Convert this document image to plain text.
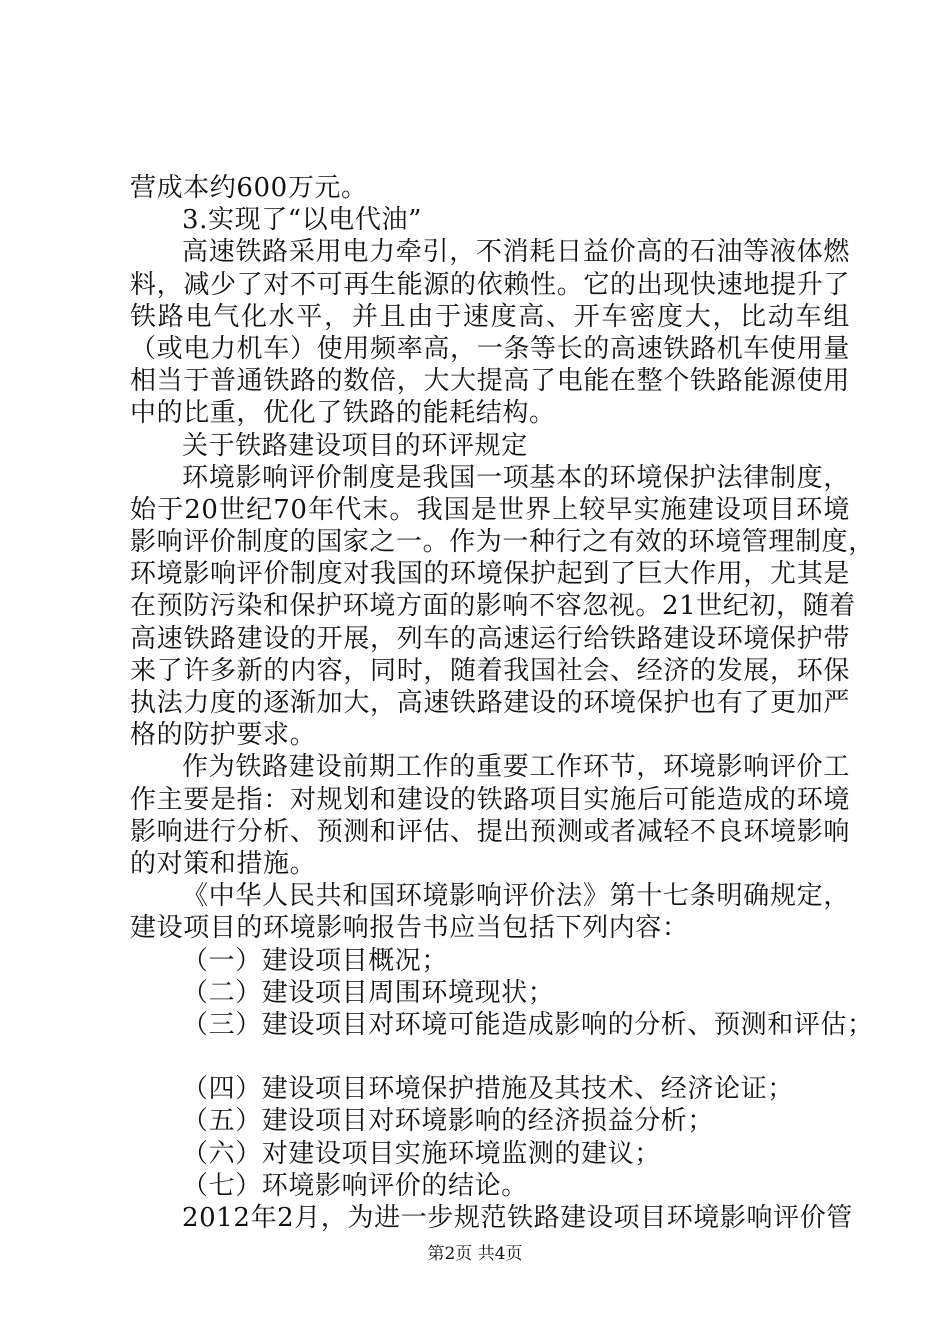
营成本约600万元。
3.实现了“以电代油”
高速铁路采用电力牵引，不消耗日益价高的石油等液体燃
料，减少了对不可再生能源的依赖性。它的出现快速地提升了
铁路电气化水平，并且由于速度高、开车密度大，比动车组
（或电力机车）使用频率高，一条等长的高速铁路机车使用量
相当于普通铁路的数倍，大大提高了电能在整个铁路能源使用
中的比重，优化了铁路的能耗结构。
关于铁路建设项目的环评规定
环境影响评价制度是我国一项基本的环境保护法律制度，
始于20世纪70年代末。我国是世界上较早实施建设项目环境
影响评价制度的国家之一。作为一种行之有效的环境管理制度，
环境影响评价制度对我国的环境保护起到了巨大作用，尤其是
在预防污染和保护环境方面的影响不容忽视。21世纪初，随着
高速铁路建设的开展，列车的高速运行给铁路建设环境保护带
来了许多新的内容，同时，随着我国社会、经济的发展，环保
执法力度的逐渐加大，高速铁路建设的环境保护也有了更加严
格的防护要求。
作为铁路建设前期工作的重要工作环节，环境影响评价工
作主要是指：对规划和建设的铁路项目实施后可能造成的环境
影响进行分析、预测和评估、提出预测或者减轻不良环境影响
的对策和措施。
《中华人民共和国环境影响评价法》第十七条明确规定，
建设项目的环境影响报告书应当包括下列内容：
（一）建设项目概况；
（二）建设项目周围环境现状；
（三）建设项目对环境可能造成影响的分析、预测和评估；
（四）建设项目环境保护措施及其技术、经济论证；
（五）建设项目对环境影响的经济损益分析；
（六）对建设项目实施环境监测的建议；
（七）环境影响评价的结论。
2012年2月，为进一步规范铁路建设项目环境影响评价管
第2页 共4页
